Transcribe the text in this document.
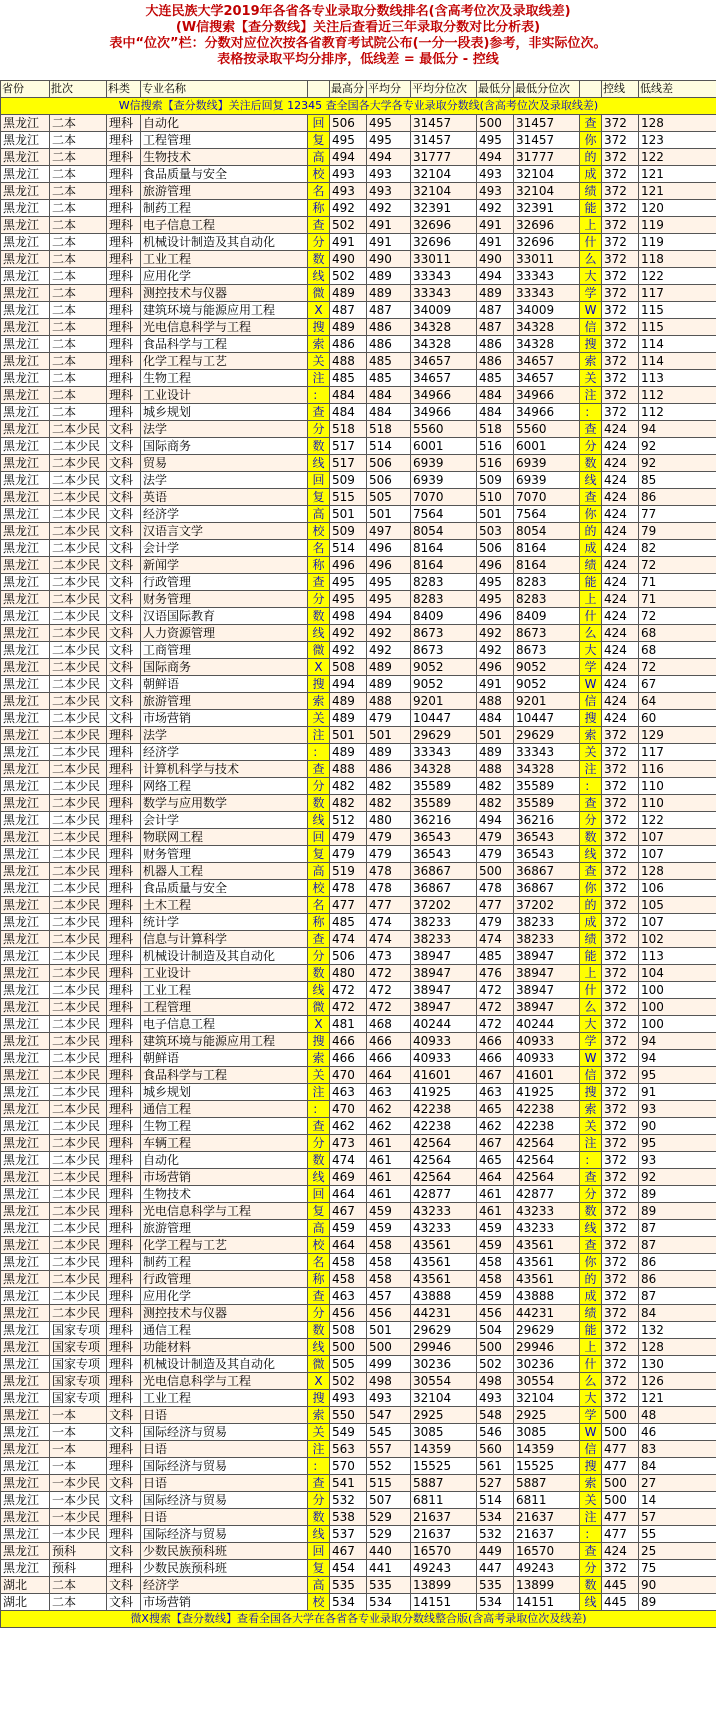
大连民族大学2019年各省各专业录取分数线排名(含高考位次及录取线差)
(W信搜索【查分数线】关注后查看近三年录取分数对比分析表)
表中“位次”栏：分数对应位次按各省教育考试院公布(一分一段表)参考，非实际位次。
表格按录取平均分排序，低线差 = 最低分 - 控线
省份	批次	科类	专业名称		最高分	平均分	平均分位次	最低分	最低分位次		控线	低线差
W信搜索【查分数线】关注后回复 12345 查全国各大学各专业录取分数线(含高考位次及录取线差)												
黑龙江	二本	理科	自动化	回	506	495	31457	500	31457	查	372	128
黑龙江	二本	理科	工程管理	复	495	495	31457	495	31457	你	372	123
黑龙江	二本	理科	生物技术	高	494	494	31777	494	31777	的	372	122
黑龙江	二本	理科	食品质量与安全	校	493	493	32104	493	32104	成	372	121
黑龙江	二本	理科	旅游管理	名	493	493	32104	493	32104	绩	372	121
黑龙江	二本	理科	制药工程	称	492	492	32391	492	32391	能	372	120
黑龙江	二本	理科	电子信息工程	查	502	491	32696	491	32696	上	372	119
黑龙江	二本	理科	机械设计制造及其自动化	分	491	491	32696	491	32696	什	372	119
黑龙江	二本	理科	工业工程	数	490	490	33011	490	33011	么	372	118
黑龙江	二本	理科	应用化学	线	502	489	33343	494	33343	大	372	122
黑龙江	二本	理科	测控技术与仪器	微	489	489	33343	489	33343	学	372	117
黑龙江	二本	理科	建筑环境与能源应用工程	X	487	487	34009	487	34009	W	372	115
黑龙江	二本	理科	光电信息科学与工程	搜	489	486	34328	487	34328	信	372	115
黑龙江	二本	理科	食品科学与工程	索	486	486	34328	486	34328	搜	372	114
黑龙江	二本	理科	化学工程与工艺	关	488	485	34657	486	34657	索	372	114
黑龙江	二本	理科	生物工程	注	485	485	34657	485	34657	关	372	113
黑龙江	二本	理科	工业设计	：	484	484	34966	484	34966	注	372	112
黑龙江	二本	理科	城乡规划	查	484	484	34966	484	34966	：	372	112
黑龙江	二本少民	文科	法学	分	518	518	5560	518	5560	查	424	94
黑龙江	二本少民	文科	国际商务	数	517	514	6001	516	6001	分	424	92
黑龙江	二本少民	文科	贸易	线	517	506	6939	516	6939	数	424	92
黑龙江	二本少民	文科	法学	回	509	506	6939	509	6939	线	424	85
黑龙江	二本少民	文科	英语	复	515	505	7070	510	7070	查	424	86
黑龙江	二本少民	文科	经济学	高	501	501	7564	501	7564	你	424	77
黑龙江	二本少民	文科	汉语言文学	校	509	497	8054	503	8054	的	424	79
黑龙江	二本少民	文科	会计学	名	514	496	8164	506	8164	成	424	82
黑龙江	二本少民	文科	新闻学	称	496	496	8164	496	8164	绩	424	72
黑龙江	二本少民	文科	行政管理	查	495	495	8283	495	8283	能	424	71
黑龙江	二本少民	文科	财务管理	分	495	495	8283	495	8283	上	424	71
黑龙江	二本少民	文科	汉语国际教育	数	498	494	8409	496	8409	什	424	72
黑龙江	二本少民	文科	人力资源管理	线	492	492	8673	492	8673	么	424	68
黑龙江	二本少民	文科	工商管理	微	492	492	8673	492	8673	大	424	68
黑龙江	二本少民	文科	国际商务	X	508	489	9052	496	9052	学	424	72
黑龙江	二本少民	文科	朝鲜语	搜	494	489	9052	491	9052	W	424	67
黑龙江	二本少民	文科	旅游管理	索	489	488	9201	488	9201	信	424	64
黑龙江	二本少民	文科	市场营销	关	489	479	10447	484	10447	搜	424	60
黑龙江	二本少民	理科	法学	注	501	501	29629	501	29629	索	372	129
黑龙江	二本少民	理科	经济学	：	489	489	33343	489	33343	关	372	117
黑龙江	二本少民	理科	计算机科学与技术	查	488	486	34328	488	34328	注	372	116
黑龙江	二本少民	理科	网络工程	分	482	482	35589	482	35589	：	372	110
黑龙江	二本少民	理科	数学与应用数学	数	482	482	35589	482	35589	查	372	110
黑龙江	二本少民	理科	会计学	线	512	480	36216	494	36216	分	372	122
黑龙江	二本少民	理科	物联网工程	回	479	479	36543	479	36543	数	372	107
黑龙江	二本少民	理科	财务管理	复	479	479	36543	479	36543	线	372	107
黑龙江	二本少民	理科	机器人工程	高	519	478	36867	500	36867	查	372	128
黑龙江	二本少民	理科	食品质量与安全	校	478	478	36867	478	36867	你	372	106
黑龙江	二本少民	理科	土木工程	名	477	477	37202	477	37202	的	372	105
黑龙江	二本少民	理科	统计学	称	485	474	38233	479	38233	成	372	107
黑龙江	二本少民	理科	信息与计算科学	查	474	474	38233	474	38233	绩	372	102
黑龙江	二本少民	理科	机械设计制造及其自动化	分	506	473	38947	485	38947	能	372	113
黑龙江	二本少民	理科	工业设计	数	480	472	38947	476	38947	上	372	104
黑龙江	二本少民	理科	工业工程	线	472	472	38947	472	38947	什	372	100
黑龙江	二本少民	理科	工程管理	微	472	472	38947	472	38947	么	372	100
黑龙江	二本少民	理科	电子信息工程	X	481	468	40244	472	40244	大	372	100
黑龙江	二本少民	理科	建筑环境与能源应用工程	搜	466	466	40933	466	40933	学	372	94
黑龙江	二本少民	理科	朝鲜语	索	466	466	40933	466	40933	W	372	94
黑龙江	二本少民	理科	食品科学与工程	关	470	464	41601	467	41601	信	372	95
黑龙江	二本少民	理科	城乡规划	注	463	463	41925	463	41925	搜	372	91
黑龙江	二本少民	理科	通信工程	：	470	462	42238	465	42238	索	372	93
黑龙江	二本少民	理科	生物工程	查	462	462	42238	462	42238	关	372	90
黑龙江	二本少民	理科	车辆工程	分	473	461	42564	467	42564	注	372	95
黑龙江	二本少民	理科	自动化	数	474	461	42564	465	42564	：	372	93
黑龙江	二本少民	理科	市场营销	线	469	461	42564	464	42564	查	372	92
黑龙江	二本少民	理科	生物技术	回	464	461	42877	461	42877	分	372	89
黑龙江	二本少民	理科	光电信息科学与工程	复	467	459	43233	461	43233	数	372	89
黑龙江	二本少民	理科	旅游管理	高	459	459	43233	459	43233	线	372	87
黑龙江	二本少民	理科	化学工程与工艺	校	464	458	43561	459	43561	查	372	87
黑龙江	二本少民	理科	制药工程	名	458	458	43561	458	43561	你	372	86
黑龙江	二本少民	理科	行政管理	称	458	458	43561	458	43561	的	372	86
黑龙江	二本少民	理科	应用化学	查	463	457	43888	459	43888	成	372	87
黑龙江	二本少民	理科	测控技术与仪器	分	456	456	44231	456	44231	绩	372	84
黑龙江	国家专项	理科	通信工程	数	508	501	29629	504	29629	能	372	132
黑龙江	国家专项	理科	功能材料	线	500	500	29946	500	29946	上	372	128
黑龙江	国家专项	理科	机械设计制造及其自动化	微	505	499	30236	502	30236	什	372	130
黑龙江	国家专项	理科	光电信息科学与工程	X	502	498	30554	498	30554	么	372	126
黑龙江	国家专项	理科	工业工程	搜	493	493	32104	493	32104	大	372	121
黑龙江	一本	文科	日语	索	550	547	2925	548	2925	学	500	48
黑龙江	一本	文科	国际经济与贸易	关	549	545	3085	546	3085	W	500	46
黑龙江	一本	理科	日语	注	563	557	14359	560	14359	信	477	83
黑龙江	一本	理科	国际经济与贸易	：	570	552	15525	561	15525	搜	477	84
黑龙江	一本少民	文科	日语	查	541	515	5887	527	5887	索	500	27
黑龙江	一本少民	文科	国际经济与贸易	分	532	507	6811	514	6811	关	500	14
黑龙江	一本少民	理科	日语	数	538	529	21637	534	21637	注	477	57
黑龙江	一本少民	理科	国际经济与贸易	线	537	529	21637	532	21637	：	477	55
黑龙江	预科	文科	少数民族预科班	回	467	440	16570	449	16570	查	424	25
黑龙江	预科	理科	少数民族预科班	复	454	441	49243	447	49243	分	372	75
湖北	二本	文科	经济学	高	535	535	13899	535	13899	数	445	90
湖北	二本	文科	市场营销	校	534	534	14151	534	14151	线	445	89
微X搜索【查分数线】查看全国各大学在各省各专业录取分数线整合版(含高考录取位次及线差)												
